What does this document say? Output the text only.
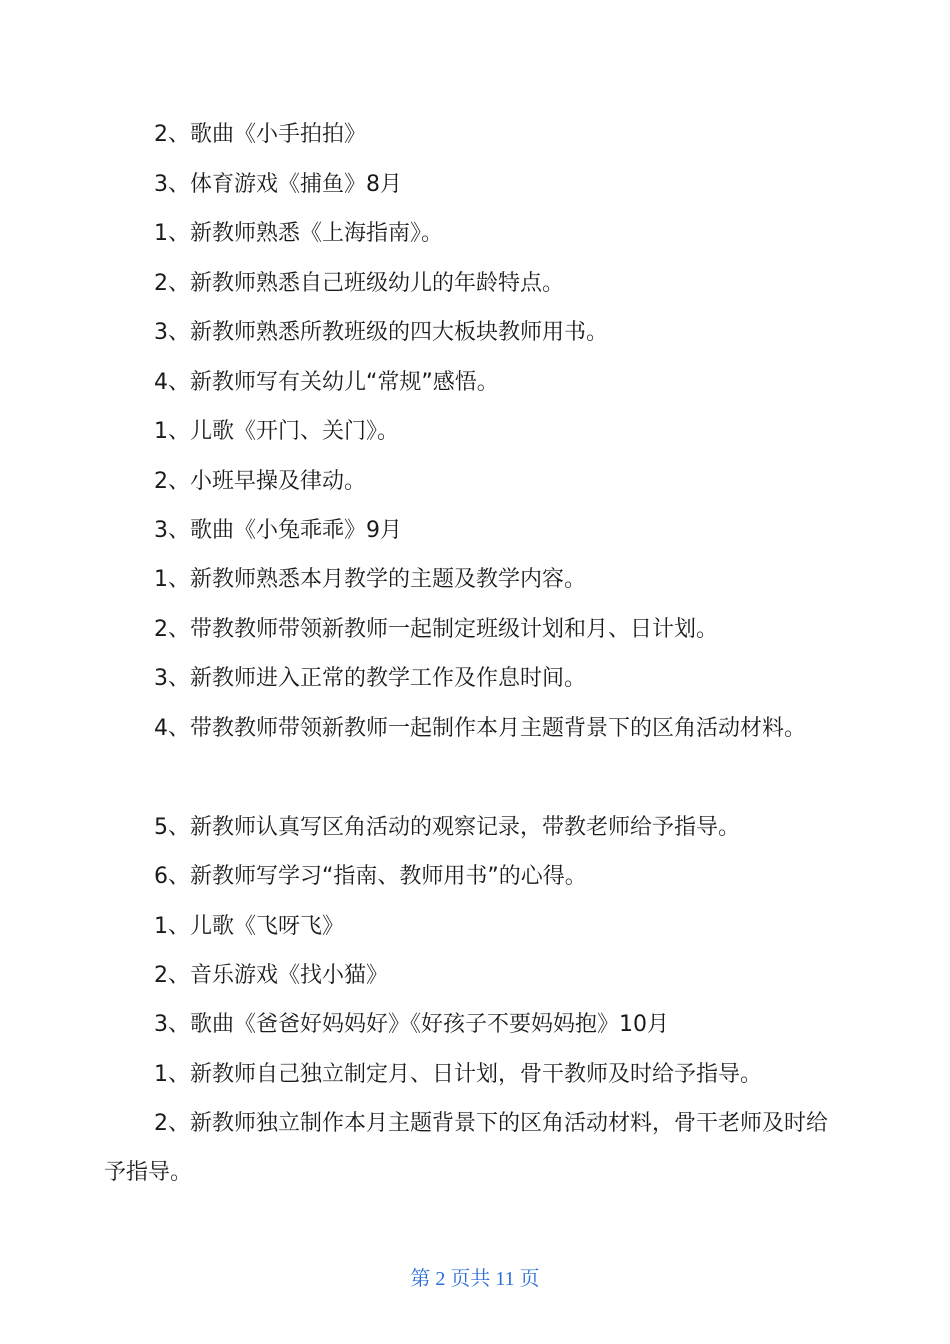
2、歌曲《小手拍拍》

3、体育游戏《捕鱼》8月

1、新教师熟悉《上海指南》。

2、新教师熟悉自己班级幼儿的年龄特点。

3、新教师熟悉所教班级的四大板块教师用书。

4、新教师写有关幼儿“常规”感悟。

1、儿歌《开门、关门》。

2、小班早操及律动。

3、歌曲《小兔乖乖》9月

1、新教师熟悉本月教学的主题及教学内容。

2、带教教师带领新教师一起制定班级计划和月、日计划。

3、新教师进入正常的教学工作及作息时间。

4、带教教师带领新教师一起制作本月主题背景下的区角活动材料。

5、新教师认真写区角活动的观察记录，带教老师给予指导。

6、新教师写学习“指南、教师用书”的心得。

1、儿歌《飞呀飞》

2、音乐游戏《找小猫》

3、歌曲《爸爸好妈妈好》《好孩子不要妈妈抱》10月

1、新教师自己独立制定月、日计划，骨干教师及时给予指导。

2、新教师独立制作本月主题背景下的区角活动材料，骨干老师及时给予指导。

第 2 页共 11 页
